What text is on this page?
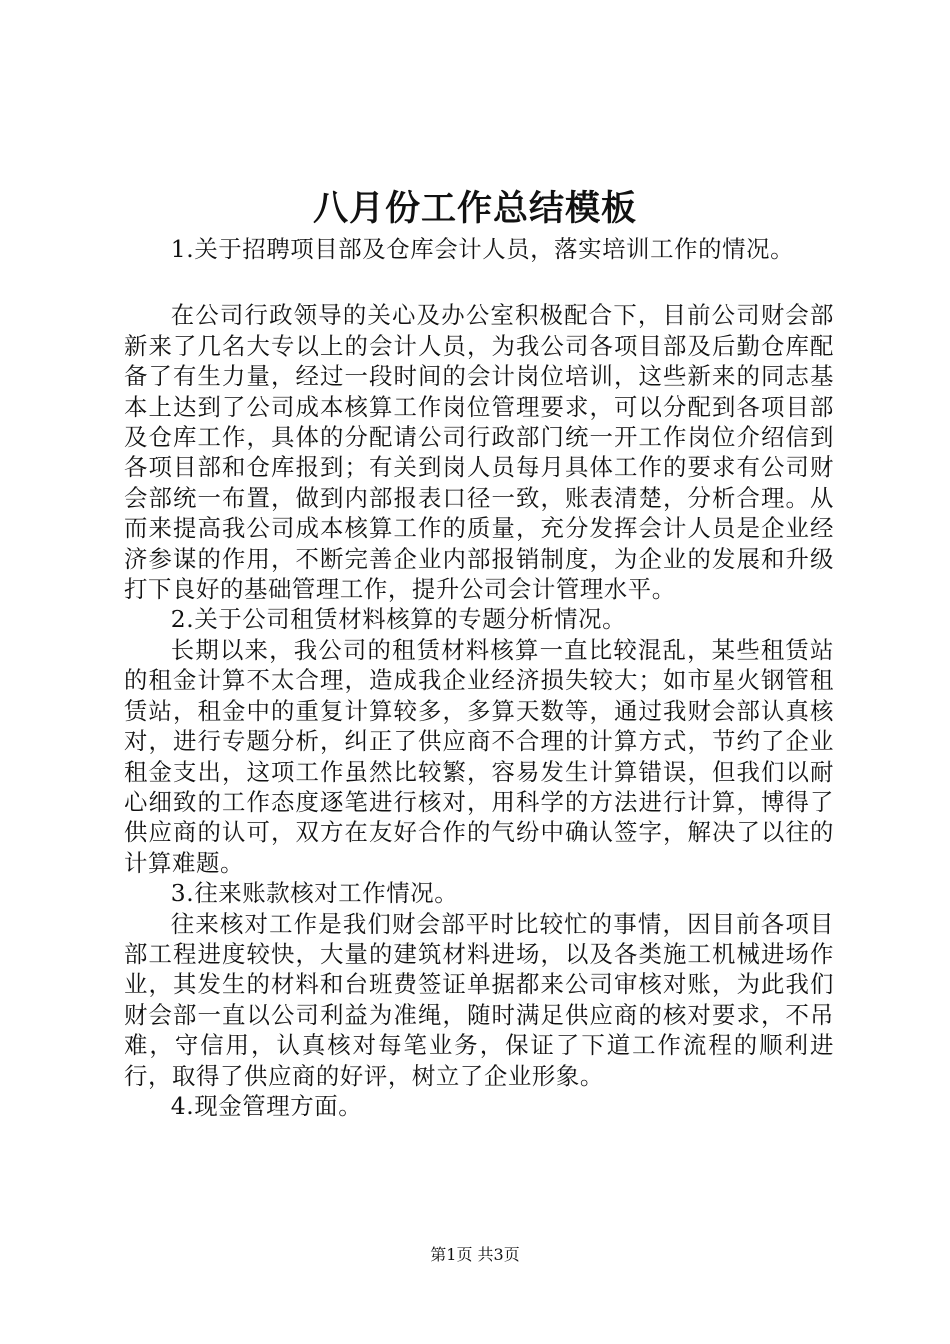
八月份工作总结模板

1.关于招聘项目部及仓库会计人员，落实培训工作的情况。

在公司行政领导的关心及办公室积极配合下，目前公司财会部新来了几名大专以上的会计人员，为我公司各项目部及后勤仓库配备了有生力量，经过一段时间的会计岗位培训，这些新来的同志基本上达到了公司成本核算工作岗位管理要求，可以分配到各项目部及仓库工作，具体的分配请公司行政部门统一开工作岗位介绍信到各项目部和仓库报到；有关到岗人员每月具体工作的要求有公司财会部统一布置，做到内部报表口径一致，账表清楚，分析合理。从而来提高我公司成本核算工作的质量，充分发挥会计人员是企业经济参谋的作用，不断完善企业内部报销制度，为企业的发展和升级打下良好的基础管理工作，提升公司会计管理水平。

2.关于公司租赁材料核算的专题分析情况。

长期以来，我公司的租赁材料核算一直比较混乱，某些租赁站的租金计算不太合理，造成我企业经济损失较大；如市星火钢管租赁站，租金中的重复计算较多，多算天数等，通过我财会部认真核对，进行专题分析，纠正了供应商不合理的计算方式，节约了企业租金支出，这项工作虽然比较繁，容易发生计算错误，但我们以耐心细致的工作态度逐笔进行核对，用科学的方法进行计算，博得了供应商的认可，双方在友好合作的气纷中确认签字，解决了以往的计算难题。

3.往来账款核对工作情况。

往来核对工作是我们财会部平时比较忙的事情，因目前各项目部工程进度较快，大量的建筑材料进场，以及各类施工机械进场作业，其发生的材料和台班费签证单据都来公司审核对账，为此我们财会部一直以公司利益为准绳，随时满足供应商的核对要求，不吊难，守信用，认真核对每笔业务，保证了下道工作流程的顺利进行，取得了供应商的好评，树立了企业形象。

4.现金管理方面。

第1页 共3页
